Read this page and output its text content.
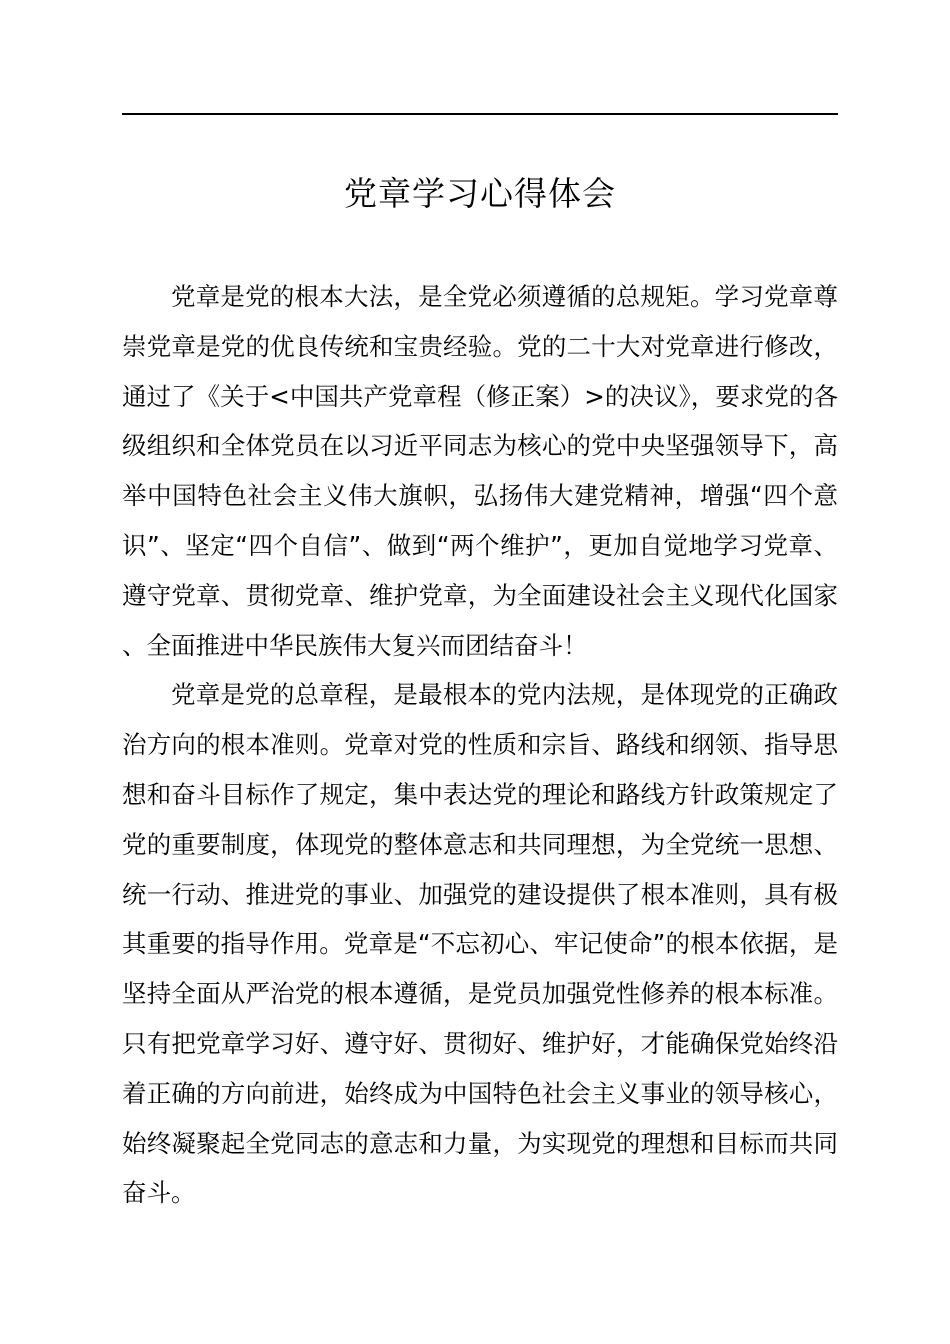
党章学习心得体会

党章是党的根本大法，是全党必须遵循的总规矩。学习党章尊崇党章是党的优良传统和宝贵经验。党的二十大对党章进行修改，通过了《关于<中国共产党章程（修正案）>的决议》，要求党的各级组织和全体党员在以习近平同志为核心的党中央坚强领导下，高举中国特色社会主义伟大旗帜，弘扬伟大建党精神，增强“四个意识”、坚定“四个自信”、做到“两个维护”，更加自觉地学习党章、遵守党章、贯彻党章、维护党章，为全面建设社会主义现代化国家、全面推进中华民族伟大复兴而团结奋斗！

党章是党的总章程，是最根本的党内法规，是体现党的正确政治方向的根本准则。党章对党的性质和宗旨、路线和纲领、指导思想和奋斗目标作了规定，集中表达党的理论和路线方针政策规定了党的重要制度，体现党的整体意志和共同理想，为全党统一思想、统一行动、推进党的事业、加强党的建设提供了根本准则，具有极其重要的指导作用。党章是“不忘初心、牢记使命”的根本依据，是坚持全面从严治党的根本遵循，是党员加强党性修养的根本标准。只有把党章学习好、遵守好、贯彻好、维护好，才能确保党始终沿着正确的方向前进，始终成为中国特色社会主义事业的领导核心，始终凝聚起全党同志的意志和力量，为实现党的理想和目标而共同奋斗。
